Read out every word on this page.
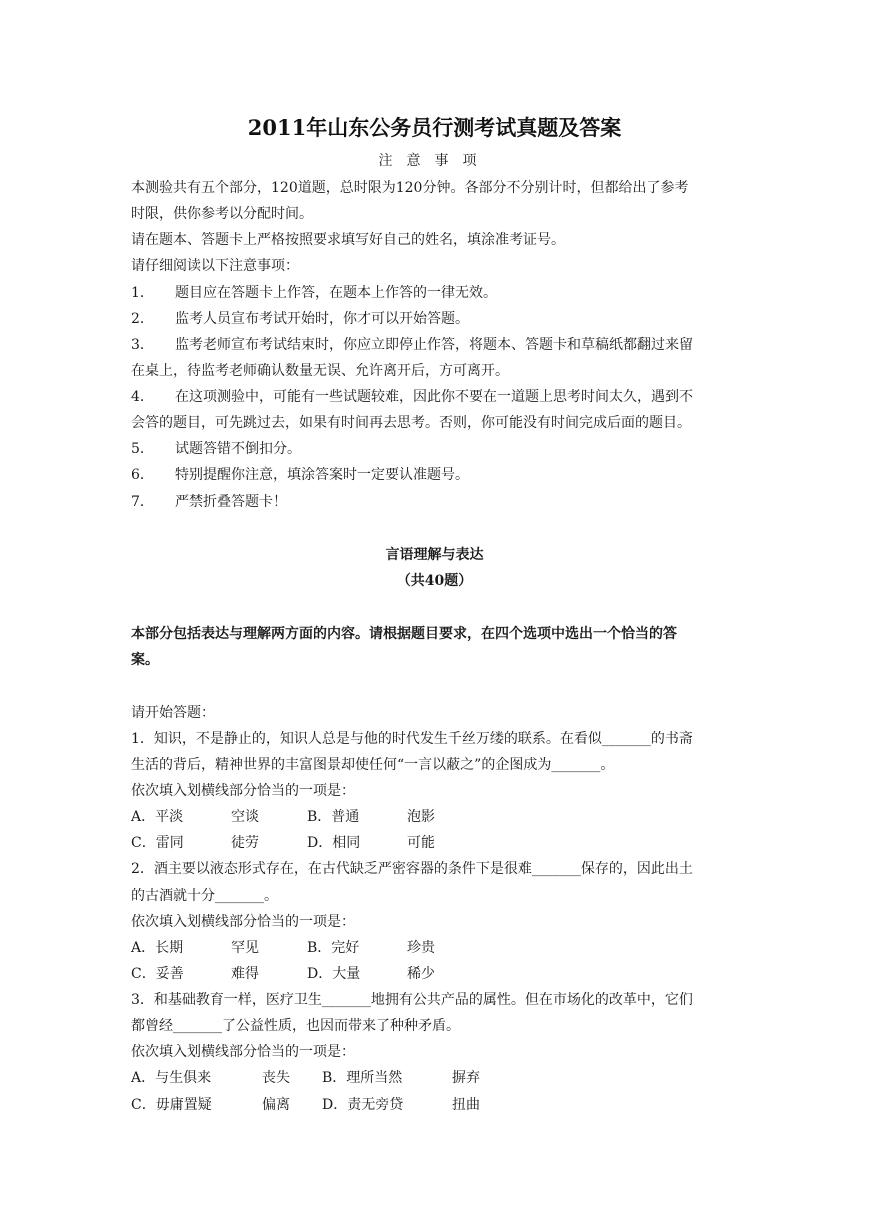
2011年山东公务员行测考试真题及答案
注意事项
本测验共有五个部分，120道题，总时限为120分钟。各部分不分别计时，但都给出了参考
时限，供你参考以分配时间。
请在题本、答题卡上严格按照要求填写好自己的姓名，填涂准考证号。
请仔细阅读以下注意事项：
1． 题目应在答题卡上作答，在题本上作答的一律无效。
2． 监考人员宣布考试开始时，你才可以开始答题。
3． 监考老师宣布考试结束时，你应立即停止作答，将题本、答题卡和草稿纸都翻过来留
在桌上，待监考老师确认数量无误、允许离开后，方可离开。
4． 在这项测验中，可能有一些试题较难，因此你不要在一道题上思考时间太久，遇到不
会答的题目，可先跳过去，如果有时间再去思考。否则，你可能没有时间完成后面的题目。
5． 试题答错不倒扣分。
6． 特别提醒你注意，填涂答案时一定要认准题号。
7． 严禁折叠答题卡！
言语理解与表达
（共40题）
本部分包括表达与理解两方面的内容。请根据题目要求，在四个选项中选出一个恰当的答
案。
请开始答题：
1．知识，不是静止的，知识人总是与他的时代发生千丝万缕的联系。在看似_______的书斋
生活的背后，精神世界的丰富图景却使任何“一言以蔽之”的企图成为_______。
依次填入划横线部分恰当的一项是：
A．平淡	空谈	B．普通	泡影
C．雷同	徒劳	D．相同	可能
2．酒主要以液态形式存在，在古代缺乏严密容器的条件下是很难_______保存的，因此出土
的古酒就十分_______。
依次填入划横线部分恰当的一项是：
A．长期	罕见	B．完好	珍贵
C．妥善	难得	D．大量	稀少
3．和基础教育一样，医疗卫生_______地拥有公共产品的属性。但在市场化的改革中，它们
都曾经_______了公益性质，也因而带来了种种矛盾。
依次填入划横线部分恰当的一项是：
A．与生俱来	丧失 B．理所当然	摒弃
C．毋庸置疑	偏离 D．责无旁贷	扭曲
